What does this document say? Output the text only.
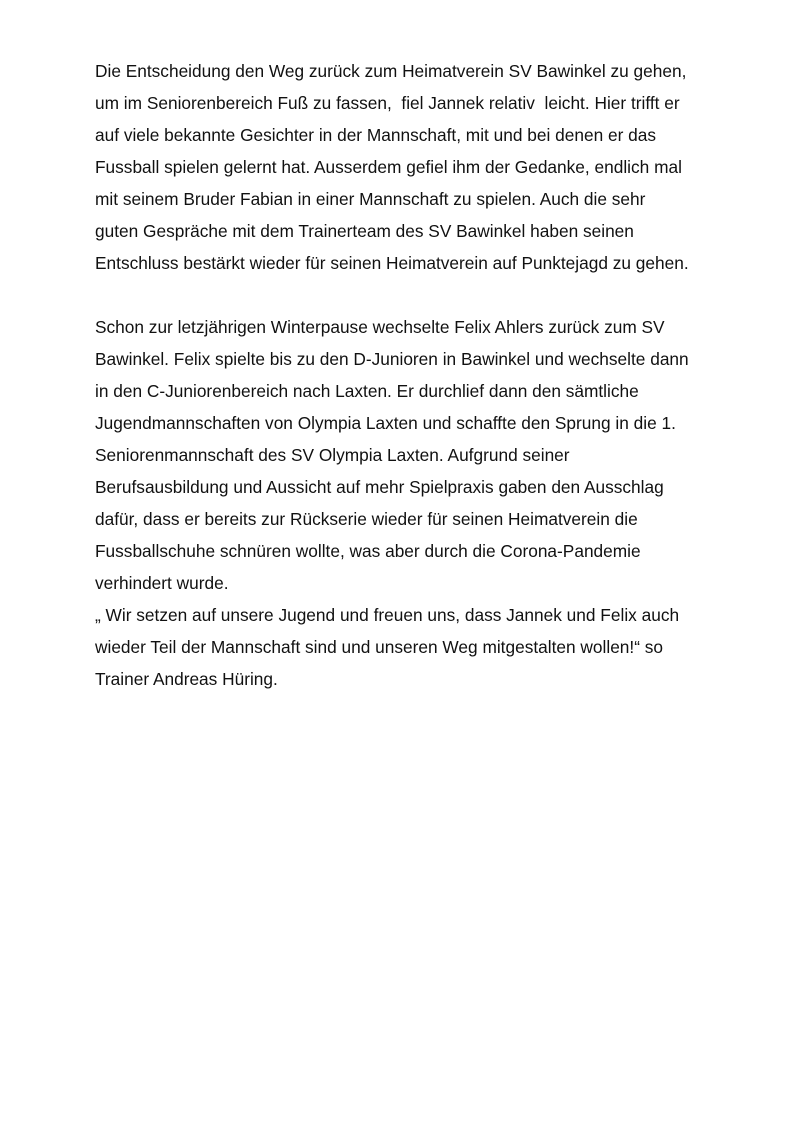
Die Entscheidung den Weg zurück zum Heimatverein SV Bawinkel zu gehen,
um im Seniorenbereich Fuß zu fassen,  fiel Jannek relativ  leicht. Hier trifft er
auf viele bekannte Gesichter in der Mannschaft, mit und bei denen er das
Fussball spielen gelernt hat. Ausserdem gefiel ihm der Gedanke, endlich mal
mit seinem Bruder Fabian in einer Mannschaft zu spielen. Auch die sehr
guten Gespräche mit dem Trainerteam des SV Bawinkel haben seinen
Entschluss bestärkt wieder für seinen Heimatverein auf Punktejagd zu gehen.
Schon zur letzjährigen Winterpause wechselte Felix Ahlers zurück zum SV
Bawinkel. Felix spielte bis zu den D-Junioren in Bawinkel und wechselte dann
in den C-Juniorenbereich nach Laxten. Er durchlief dann den sämtliche
Jugendmannschaften von Olympia Laxten und schaffte den Sprung in die 1.
Seniorenmannschaft des SV Olympia Laxten. Aufgrund seiner
Berufsausbildung und Aussicht auf mehr Spielpraxis gaben den Ausschlag
dafür, dass er bereits zur Rückserie wieder für seinen Heimatverein die
Fussballschuhe schnüren wollte, was aber durch die Corona-Pandemie
verhindert wurde.
„ Wir setzen auf unsere Jugend und freuen uns, dass Jannek und Felix auch
wieder Teil der Mannschaft sind und unseren Weg mitgestalten wollen!“ so
Trainer Andreas Hüring.
